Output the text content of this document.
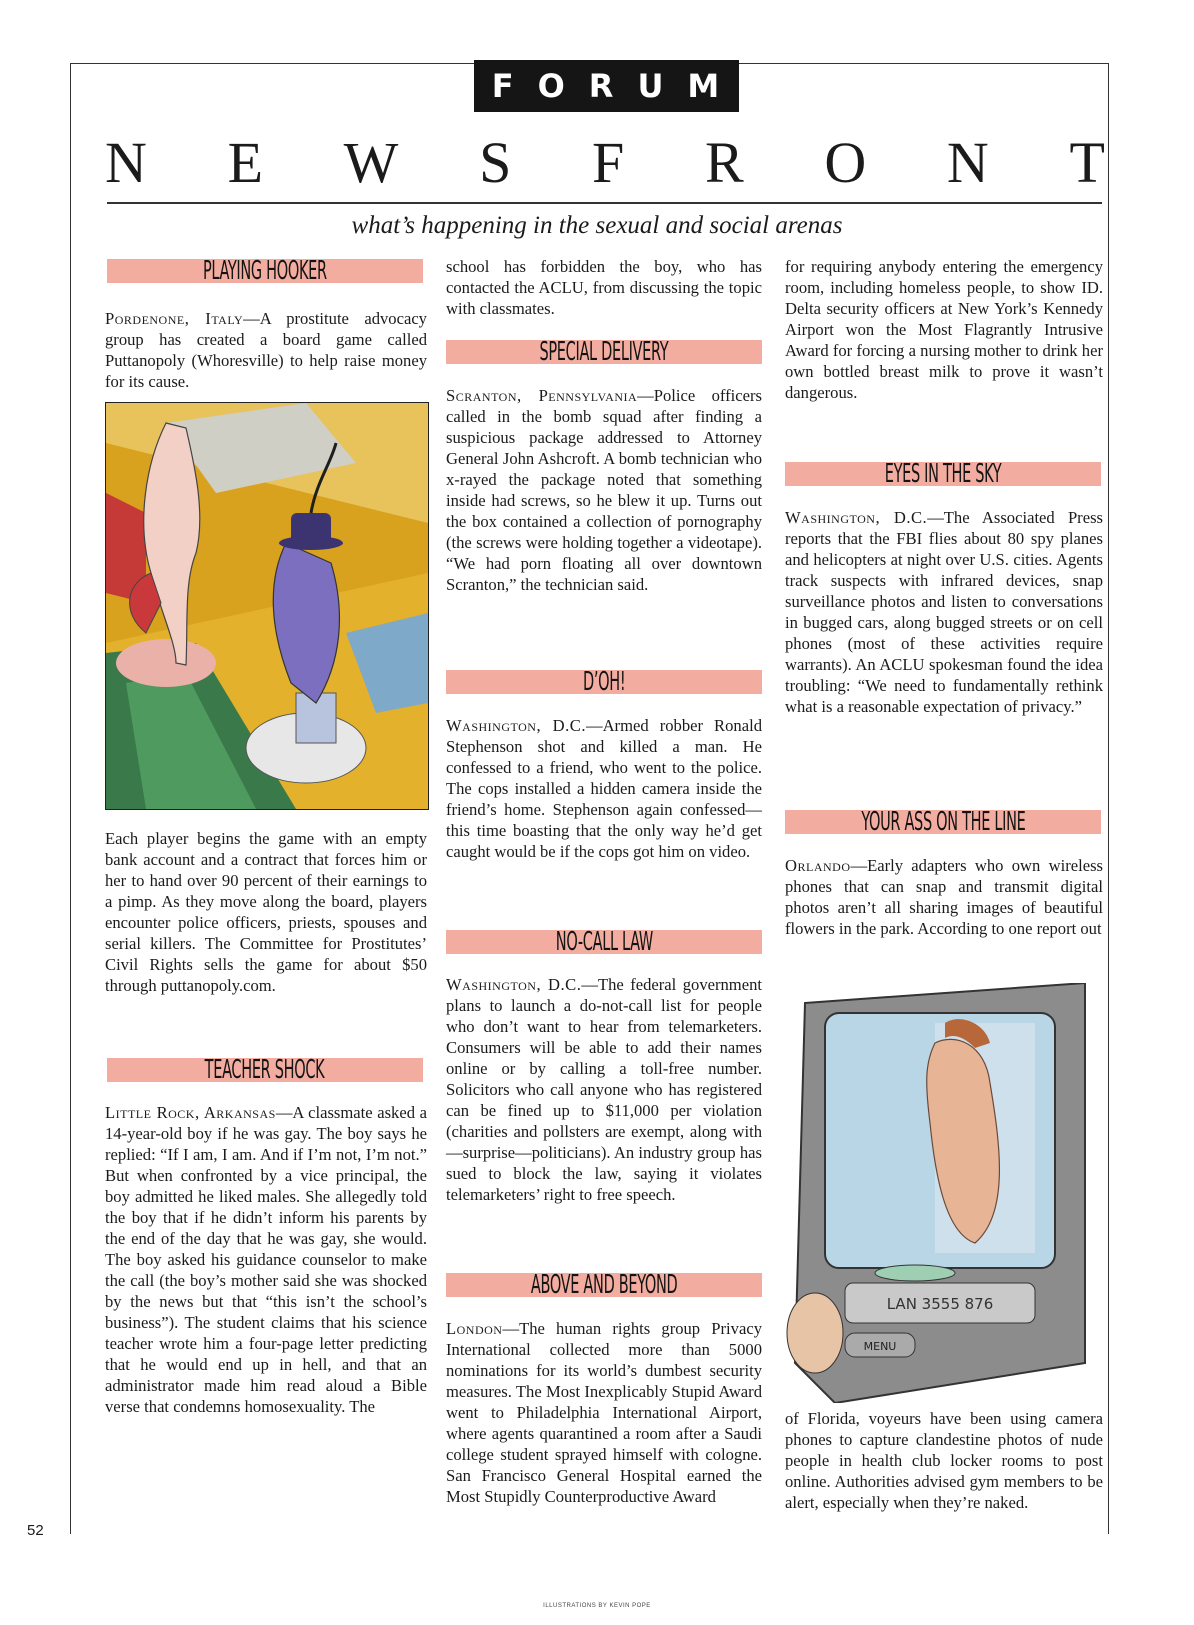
FORUM
N E W S F R O N T
what’s happening in the sexual and social arenas
PLAYING HOOKER

Pordenone, Italy—A prostitute advocacy group has created a board game called Puttanopoly (Whoresville) to help raise money for its cause.

Each player begins the game with an empty bank account and a contract that forces him or her to hand over 90 percent of their earnings to a pimp. As they move along the board, players encounter police officers, priests, spouses and serial killers. The Committee for Prostitutes’ Civil Rights sells the game for about $50 through puttanopoly.com.

TEACHER SHOCK

Little Rock, Arkansas—A classmate asked a 14-year-old boy if he was gay. The boy says he replied: “If I am, I am. And if I’m not, I’m not.” But when confronted by a vice principal, the boy admitted he liked males. She allegedly told the boy that if he didn’t inform his parents by the end of the day that he was gay, she would. The boy asked his guidance counselor to make the call (the boy’s mother said she was shocked by the news but that “this isn’t the school’s business”). The student claims that his science teacher wrote him a four-page letter predicting that he would end up in hell, and that an administrator made him read aloud a Bible verse that condemns homosexuality. The

school has forbidden the boy, who has contacted the ACLU, from discussing the topic with classmates.

SPECIAL DELIVERY

Scranton, Pennsylvania—Police officers called in the bomb squad after finding a suspicious package addressed to Attorney General John Ashcroft. A bomb technician who x-rayed the package noted that something inside had screws, so he blew it up. Turns out the box contained a collection of pornography (the screws were holding together a videotape). “We had porn floating all over downtown Scranton,” the technician said.

D’OH!

Washington, D.C.—Armed robber Ronald Stephenson shot and killed a man. He confessed to a friend, who went to the police. The cops installed a hidden camera inside the friend’s home. Stephenson again confessed—this time boasting that the only way he’d get caught would be if the cops got him on video.

NO-CALL LAW

Washington, D.C.—The federal government plans to launch a do-not-call list for people who don’t want to hear from telemarketers. Consumers will be able to add their names online or by calling a toll-free number. Solicitors who call anyone who has registered can be fined up to $11,000 per violation (charities and pollsters are exempt, along with—surprise—politicians). An industry group has sued to block the law, saying it violates telemarketers’ right to free speech.

ABOVE AND BEYOND

London—The human rights group Privacy International collected more than 5000 nominations for its world’s dumbest security measures. The Most Inexplicably Stupid Award went to Philadelphia International Airport, where agents quarantined a room after a Saudi college student sprayed himself with cologne. San Francisco General Hospital earned the Most Stupidly Counterproductive Award

for requiring anybody entering the emergency room, including homeless people, to show ID. Delta security officers at New York’s Kennedy Airport won the Most Flagrantly Intrusive Award for forcing a nursing mother to drink her own bottled breast milk to prove it wasn’t dangerous.

EYES IN THE SKY

Washington, D.C.—The Associated Press reports that the FBI flies about 80 spy planes and helicopters at night over U.S. cities. Agents track suspects with infrared devices, snap surveillance photos and listen to conversations in bugged cars, along bugged streets or on cell phones (most of these activities require warrants). An ACLU spokesman found the idea troubling: “We need to fundamentally rethink what is a reasonable expectation of privacy.”

YOUR ASS ON THE LINE

Orlando—Early adapters who own wireless phones that can snap and transmit digital photos aren’t all sharing images of beautiful flowers in the park. According to one report out

LAN 3555 876
MENU

of Florida, voyeurs have been using camera phones to capture clandestine photos of nude people in health club locker rooms to post online. Authorities advised gym members to be alert, especially when they’re naked.

52
ILLUSTRATIONS BY KEVIN POPE
